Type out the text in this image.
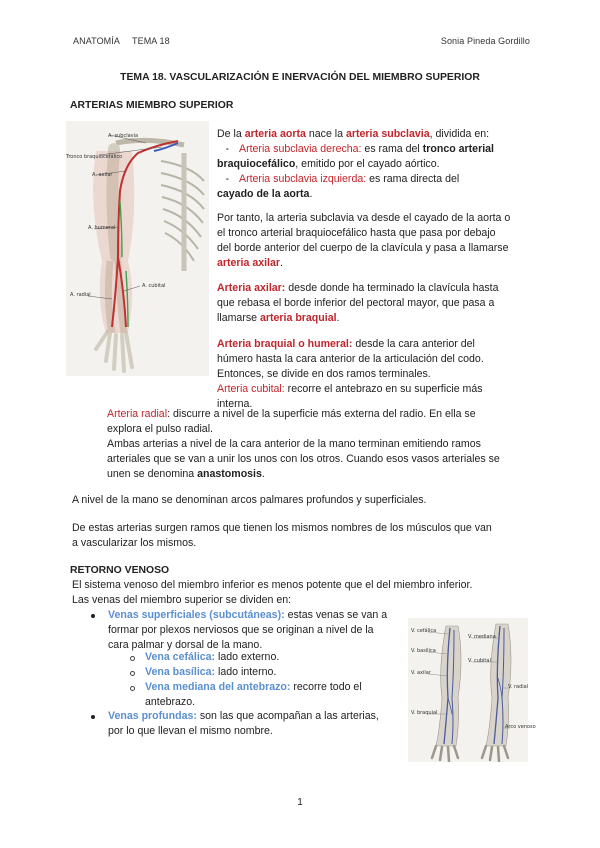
ANATOMÍA TEMA 18	Sonia Pineda Gordillo
TEMA 18. VASCULARIZACIÓN E INERVACIÓN DEL MIEMBRO SUPERIOR
ARTERIAS MIEMBRO SUPERIOR
A. subclavia
Tronco braquiocefálico
A. axilar
A. humeral
A. cubital
A. radial
De la arteria aorta nace la arteria subclavia, dividida en:
- Arteria subclavia derecha: es rama del tronco arterial
braquiocefálico, emitido por el cayado aórtico.
- Arteria subclavia izquierda: es rama directa del
cayado de la aorta.
Por tanto, la arteria subclavia va desde el cayado de la aorta o
el tronco arterial braquiocefálico hasta que pasa por debajo
del borde anterior del cuerpo de la clavícula y pasa a llamarse
arteria axilar.
Arteria axilar: desde donde ha terminado la clavícula hasta
que rebasa el borde inferior del pectoral mayor, que pasa a
llamarse arteria braquial.
Arteria braquial o humeral: desde la cara anterior del
húmero hasta la cara anterior de la articulación del codo.
Entonces, se divide en dos ramos terminales.
Arteria cubital: recorre el antebrazo en su superficie más
interna.
Arteria radial: discurre a nivel de la superficie más externa del radio. En ella se
explora el pulso radial.
Ambas arterias a nivel de la cara anterior de la mano terminan emitiendo ramos
arteriales que se van a unir los unos con los otros. Cuando esos vasos arteriales se
unen se denomina anastomosis.
A nivel de la mano se denominan arcos palmares profundos y superficiales.
De estas arterias surgen ramos que tienen los mismos nombres de los músculos que van
a vascularizar los mismos.
RETORNO VENOSO
El sistema venoso del miembro inferior es menos potente que el del miembro inferior.
Las venas del miembro superior se dividen en:
Venas superficiales (subcutáneas): estas venas se van a
formar por plexos nerviosos que se originan a nivel de la
cara palmar y dorsal de la mano.
Vena cefálica: lado externo.
Vena basílica: lado interno.
Vena mediana del antebrazo: recorre todo el
antebrazo.
Venas profundas: son las que acompañan a las arterias,
por lo que llevan el mismo nombre.
V. cefálica
V. basílica
V. axilar
V. braquial
V. mediana
V. cubital
V. radial
Arco venoso
1
